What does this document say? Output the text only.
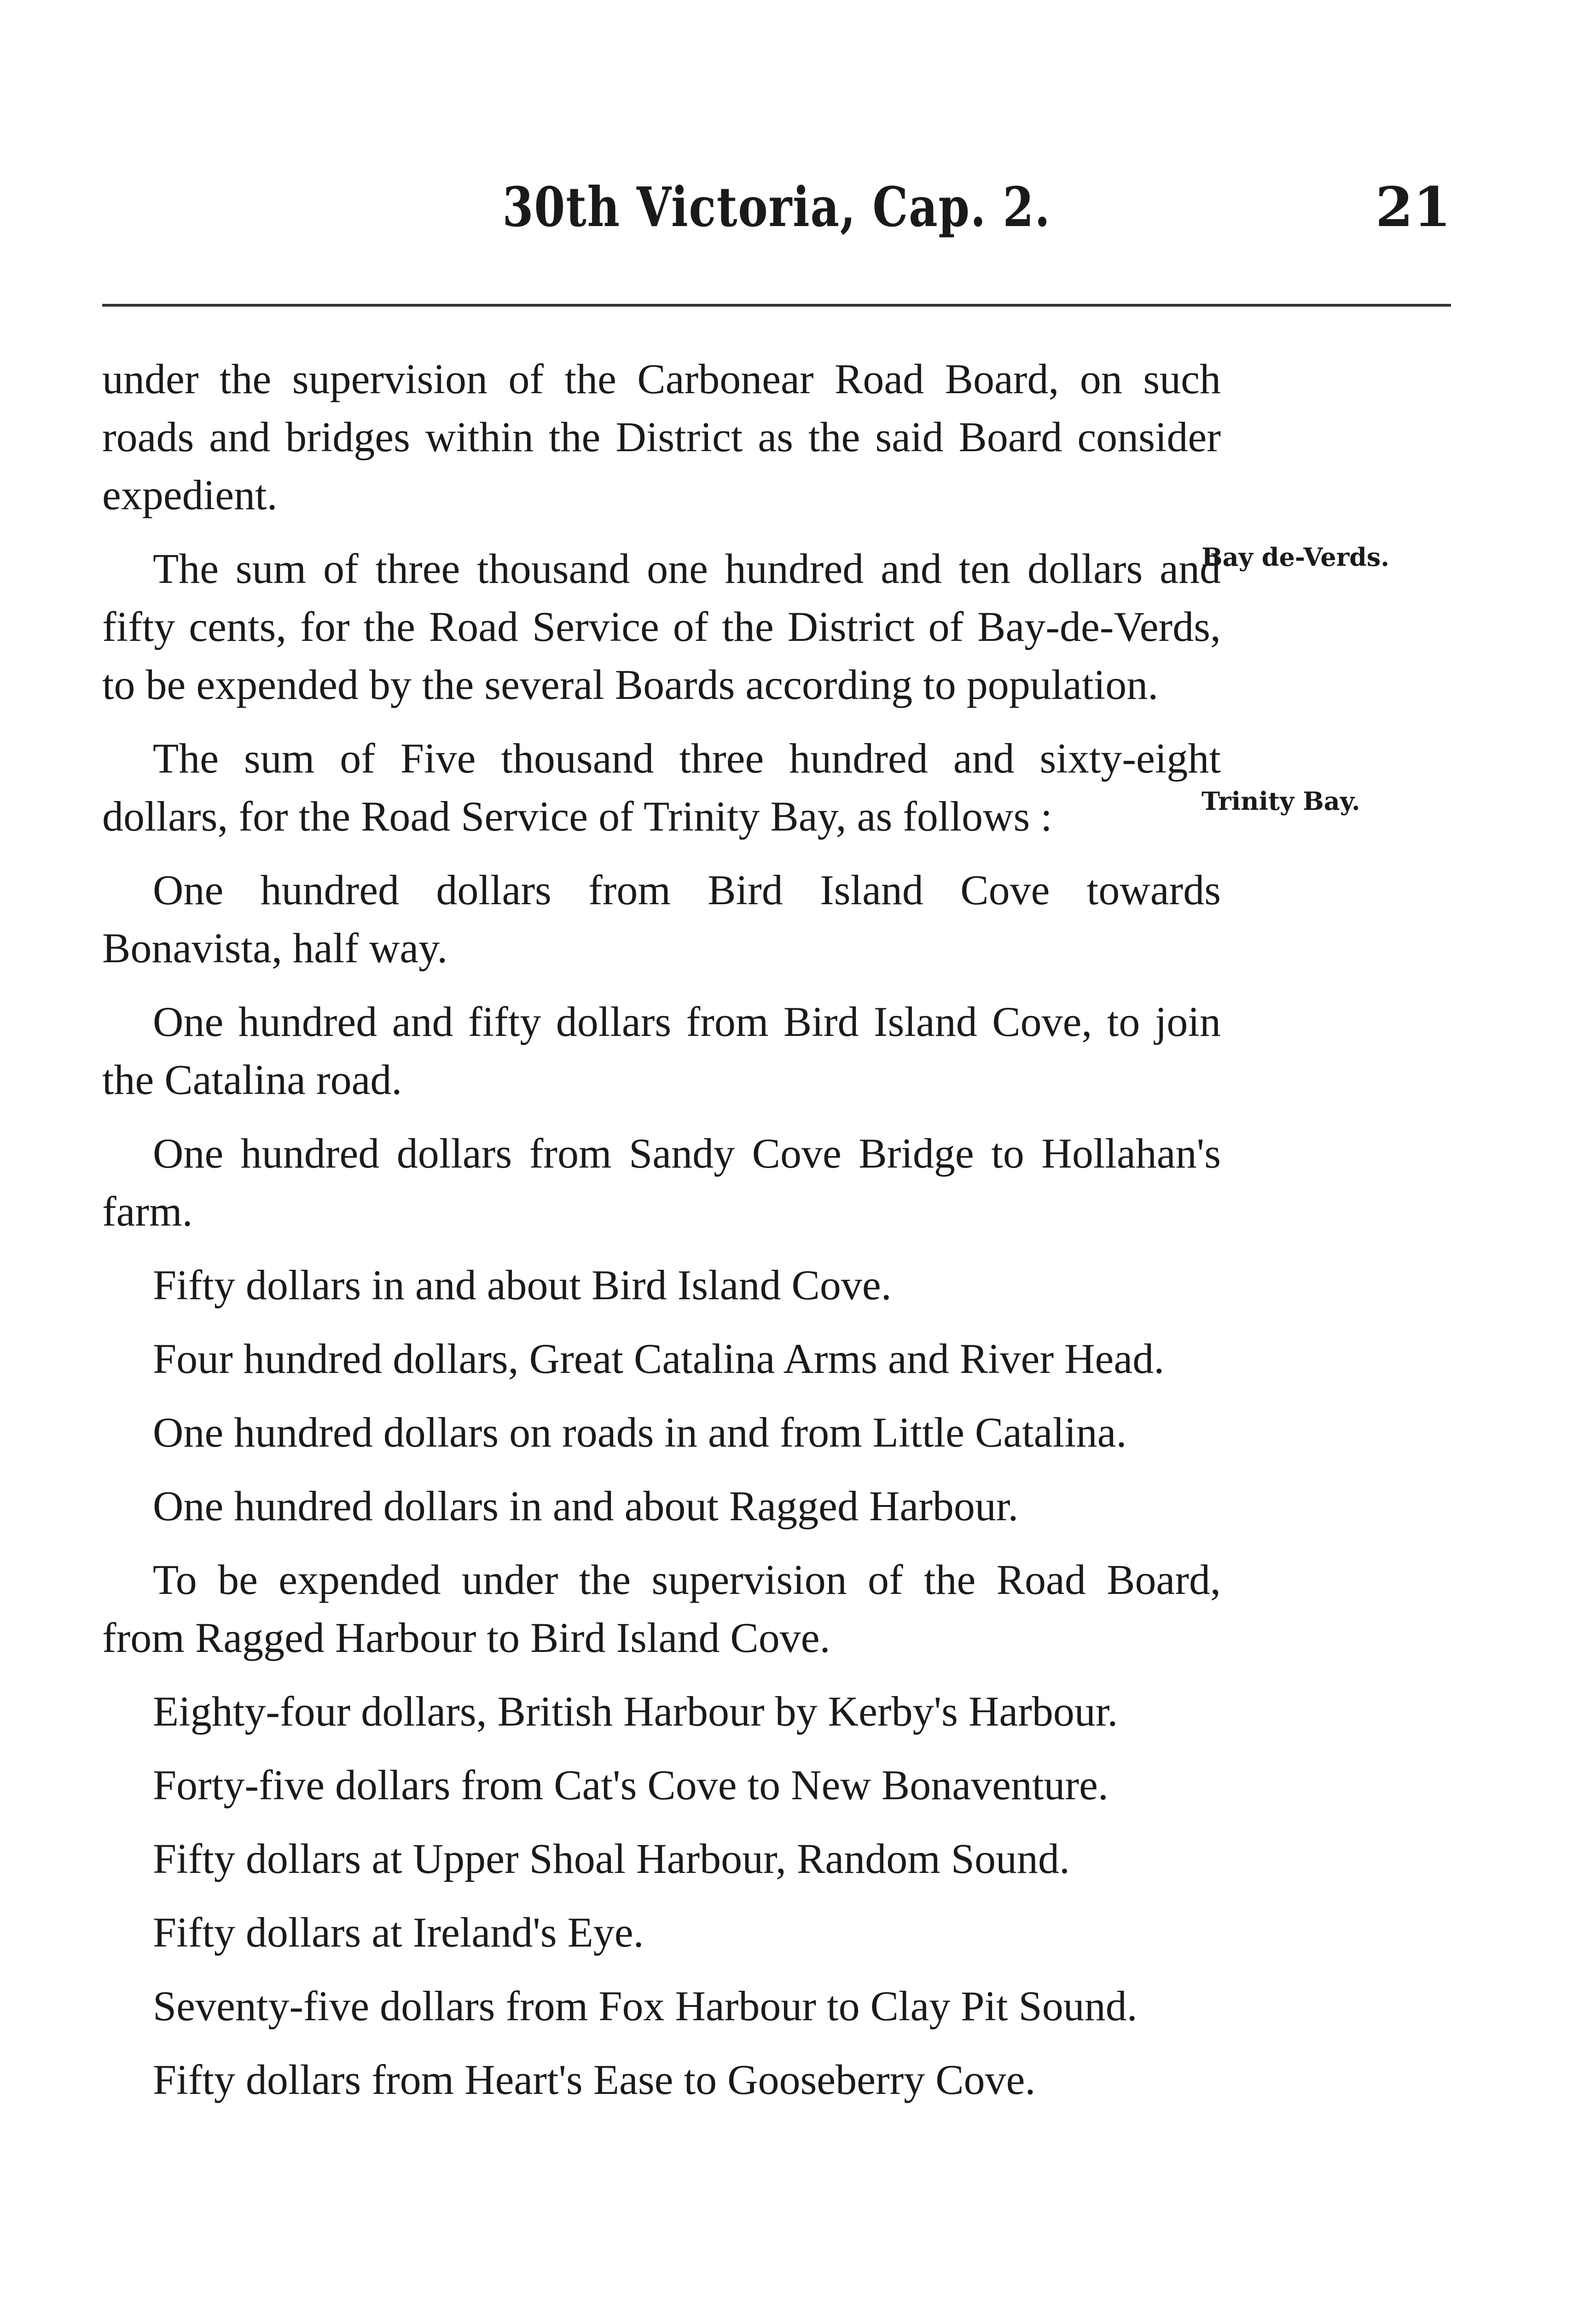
30th Victoria, Cap. 2.	21
Bay de-Verds.
Trinity Bay.

under the supervision of the Carbonear Road Board, on such roads and bridges within the District as the said Board consider expedient.

The sum of three thousand one hundred and ten dollars and fifty cents, for the Road Service of the District of Bay-de-Verds, to be expended by the several Boards according to population.

The sum of Five thousand three hundred and sixty-eight dollars, for the Road Service of Trinity Bay, as follows :

One hundred dollars from Bird Island Cove towards Bonavista, half way.

One hundred and fifty dollars from Bird Island Cove, to join the Catalina road.

One hundred dollars from Sandy Cove Bridge to Hollahan's farm.

Fifty dollars in and about Bird Island Cove.

Four hundred dollars, Great Catalina Arms and River Head.

One hundred dollars on roads in and from Little Catalina.

One hundred dollars in and about Ragged Harbour.

To be expended under the supervision of the Road Board, from Ragged Harbour to Bird Island Cove.

Eighty-four dollars, British Harbour by Kerby's Harbour.

Forty-five dollars from Cat's Cove to New Bonaventure.

Fifty dollars at Upper Shoal Harbour, Random Sound.

Fifty dollars at Ireland's Eye.

Seventy-five dollars from Fox Harbour to Clay Pit Sound.

Fifty dollars from Heart's Ease to Gooseberry Cove.
